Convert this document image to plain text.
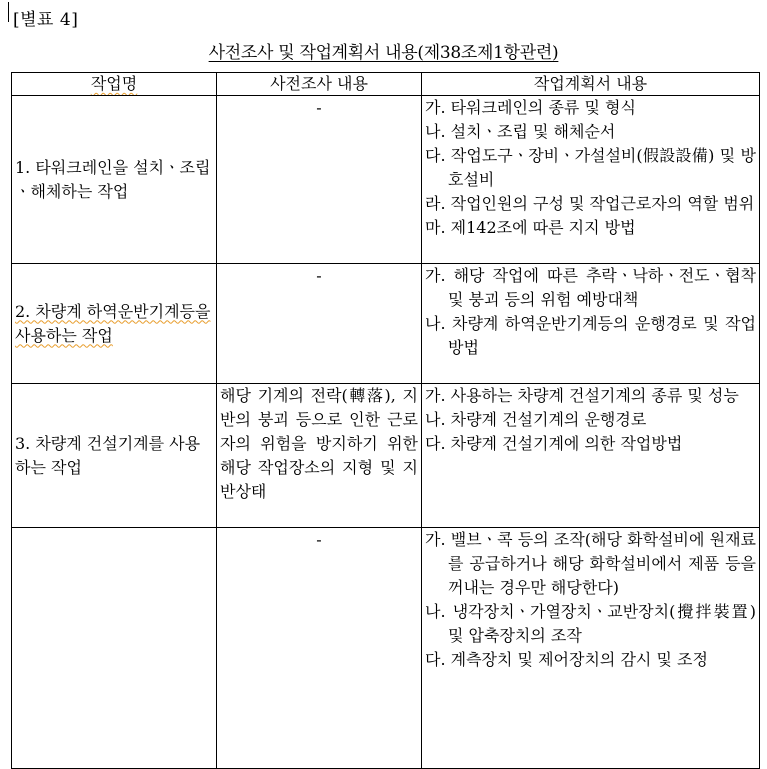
[별표 4]
사전조사 및 작업계획서 내용(제38조제1항관련)
작업명	사전조사 내용	작업계획서 내용
1. 타워크레인을 설치ㆍ조립ㆍ해체하는 작업	-	가. 타워크레인의 종류 및 형식
나. 설치ㆍ조립 및 해체순서
다. 작업도구ㆍ장비ㆍ가설설비(假設設備) 및 방호설비
라. 작업인원의 구성 및 작업근로자의 역할 범위
마. 제142조에 따른 지지 방법

2. 차량계 하역운반기계등을 사용하는 작업	-	가. 해당 작업에 따른 추락ㆍ낙하ㆍ전도ㆍ협착 및 붕괴 등의 위험 예방대책
나. 차량계 하역운반기계등의 운행경로 및 작업방법

3. 차량계 건설기계를 사용하는 작업	해당 기계의 전락(轉落), 지반의 붕괴 등으로 인한 근로자의 위험을 방지하기 위한 해당 작업장소의 지형 및 지반상태	가. 사용하는 차량계 건설기계의 종류 및 성능
나. 차량계 건설기계의 운행경로
다. 차량계 건설기계에 의한 작업방법

	-	가. 밸브ㆍ콕 등의 조작(해당 화학설비에 원재료를 공급하거나 해당 화학설비에서 제품 등을 꺼내는 경우만 해당한다)
나. 냉각장치ㆍ가열장치ㆍ교반장치(攪拌裝置) 및 압축장치의 조작
다. 계측장치 및 제어장치의 감시 및 조정
